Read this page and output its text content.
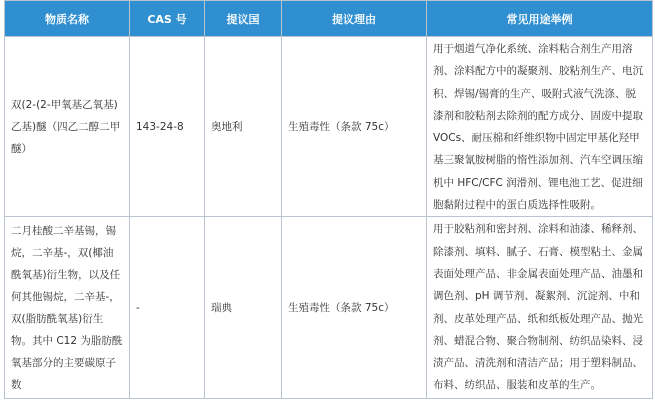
物质名称	CAS 号	提议国	提议理由	常见用途举例
双(2-(2-甲氧基乙氧基)乙基)醚（四乙二醇二甲醚）	143-24-8	奥地利	生殖毒性（条款 75c）	用于烟道气净化系统、涂料粘合剂生产用溶剂、涂料配方中的凝聚剂、胶粘剂生产、电沉积、焊锡/锡膏的生产、吸附式液气洗涤、脱漆剂和胶粘剂去除剂的配方成分、固废中提取 VOCs、耐压棉和纤维织物中固定甲基化羟甲基三聚氰胺树脂的惰性添加剂、汽车空调压缩机中 HFC/CFC 润滑剂、锂电池工艺、促进细胞黏附过程中的蛋白质选择性吸附。
二月桂酸二辛基锡，锡烷，二辛基-，双(椰油酰氧基)衍生物，以及任何其他锡烷，二辛基-，双(脂肪酰氧基)衍生物。其中 C12 为脂肪酰氧基部分的主要碳原子数	-	瑞典	生殖毒性（条款 75c）	用于胶粘剂和密封剂、涂料和油漆、稀释剂、除漆剂、填料、腻子、石膏、模型粘土、金属表面处理产品、非金属表面处理产品、油墨和调色剂、pH 调节剂、凝絮剂、沉淀剂、中和剂、皮革处理产品、纸和纸板处理产品、抛光剂、蜡混合物、聚合物制剂、纺织品染料、浸渍产品、清洗剂和清洁产品；用于塑料制品、布料、纺织品、服装和皮革的生产。
